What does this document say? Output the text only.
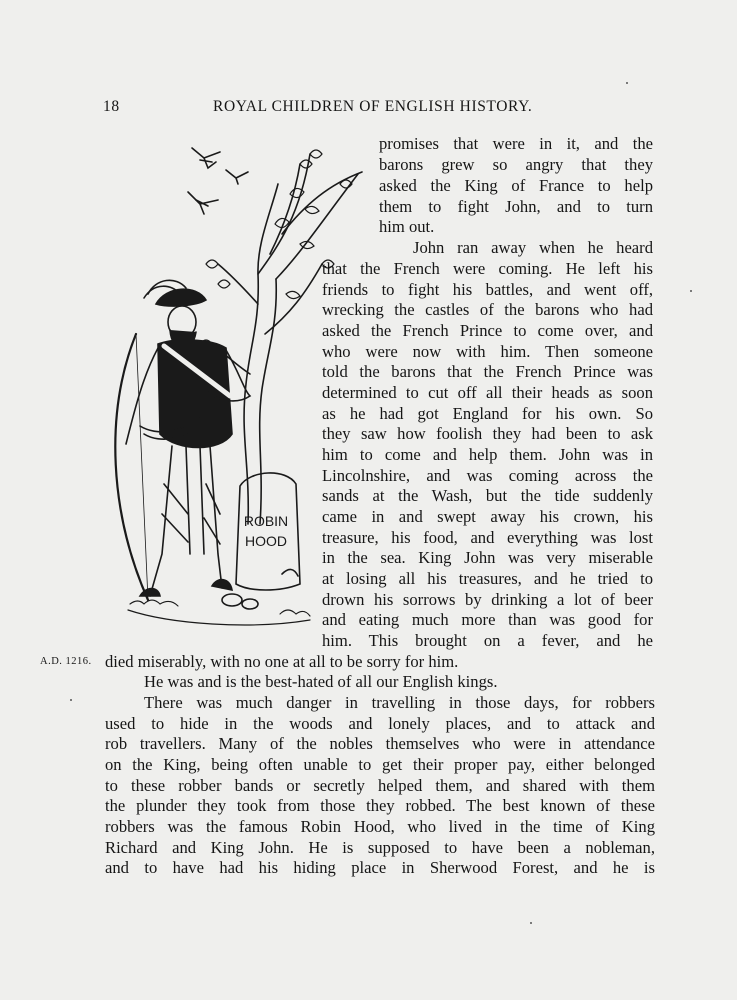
18	ROYAL CHILDREN OF ENGLISH HISTORY.
ROBIN
HOOD
A.D. 1216.
promises that were in it, and the
barons grew so angry that they
asked the King of France to help
them to fight John, and to turn
him out.
John ran away when he heard
that the French were coming. He left his
friends to fight his battles, and went off,
wrecking the castles of the barons who had
asked the French Prince to come over, and
who were now with him. Then someone
told the barons that the French Prince was
determined to cut off all their heads as soon
as he had got England for his own. So
they saw how foolish they had been to ask
him to come and help them. John was in
Lincolnshire, and was coming across the
sands at the Wash, but the tide suddenly
came in and swept away his crown, his
treasure, his food, and everything was lost
in the sea. King John was very miserable
at losing all his treasures, and he tried to
drown his sorrows by drinking a lot of beer
and eating much more than was good for
him. This brought on a fever, and he
died miserably, with no one at all to be sorry for him.
He was and is the best-hated of all our English kings.
There was much danger in travelling in those days, for robbers
used to hide in the woods and lonely places, and to attack and
rob travellers. Many of the nobles themselves who were in attendance
on the King, being often unable to get their proper pay, either belonged
to these robber bands or secretly helped them, and shared with them
the plunder they took from those they robbed. The best known of these
robbers was the famous Robin Hood, who lived in the time of King
Richard and King John. He is supposed to have been a nobleman,
and to have had his hiding place in Sherwood Forest, and he is
